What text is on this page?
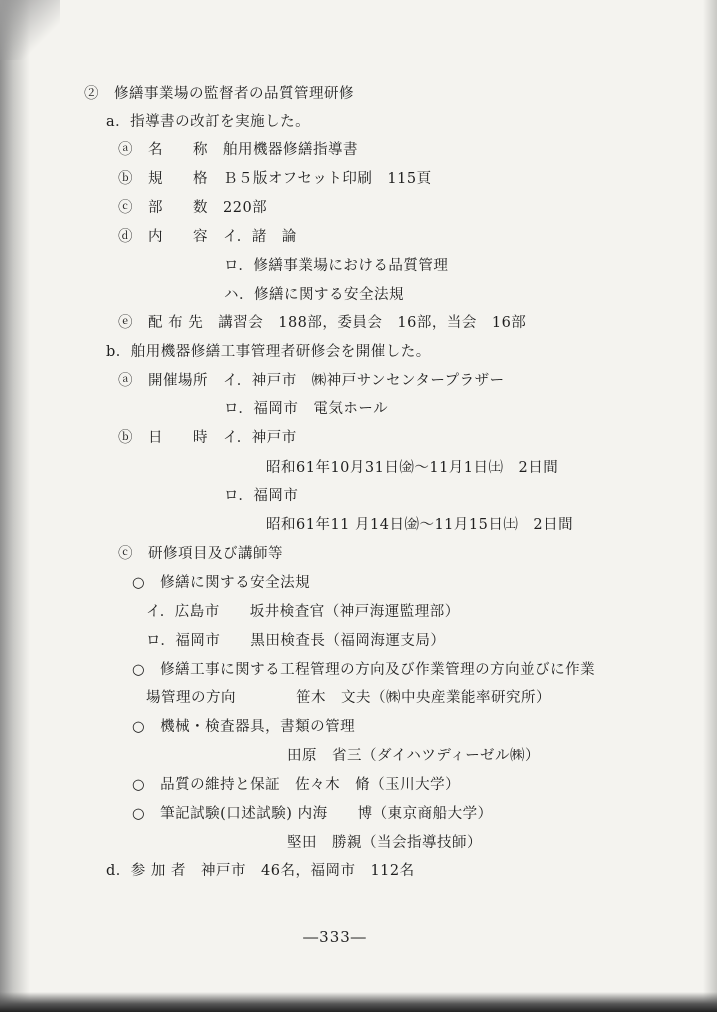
②　修繕事業場の監督者の品質管理研修
a．指導書の改訂を実施した。
ⓐ　名　　称　舶用機器修繕指導書
ⓑ　規　　格　Ｂ５版オフセット印刷　115頁
ⓒ　部　　数　220部
ⓓ　内　　容　イ．諸　論
ロ．修繕事業場における品質管理
ハ．修繕に関する安全法規
ⓔ　配 布 先　講習会　188部，委員会　16部，当会　16部
b．舶用機器修繕工事管理者研修会を開催した。
ⓐ　開催場所　イ．神戸市　㈱神戸サンセンタープラザー
ロ．福岡市　電気ホール
ⓑ　日　　時　イ．神戸市
昭和61年10月31日㈮～11月1日㈯　2日間
ロ．福岡市
昭和61年11 月14日㈮～11月15日㈯　2日間
ⓒ　研修項目及び講師等
○　修繕に関する安全法規
イ．広島市　　坂井検査官（神戸海運監理部）
ロ．福岡市　　黒田検査長（福岡海運支局）
○　修繕工事に関する工程管理の方向及び作業管理の方向並びに作業
場管理の方向　　　　笹木　文夫（㈱中央産業能率研究所）
○　機械・検査器具，書類の管理
田原　省三（ダイハツディーゼル㈱）
○　品質の維持と保証　佐々木　脩（玉川大学）
○　筆記試験(口述試験) 内海　　博（東京商船大学）
堅田　勝親（当会指導技師）
d．参 加 者　神戸市　46名，福岡市　112名
―333―
